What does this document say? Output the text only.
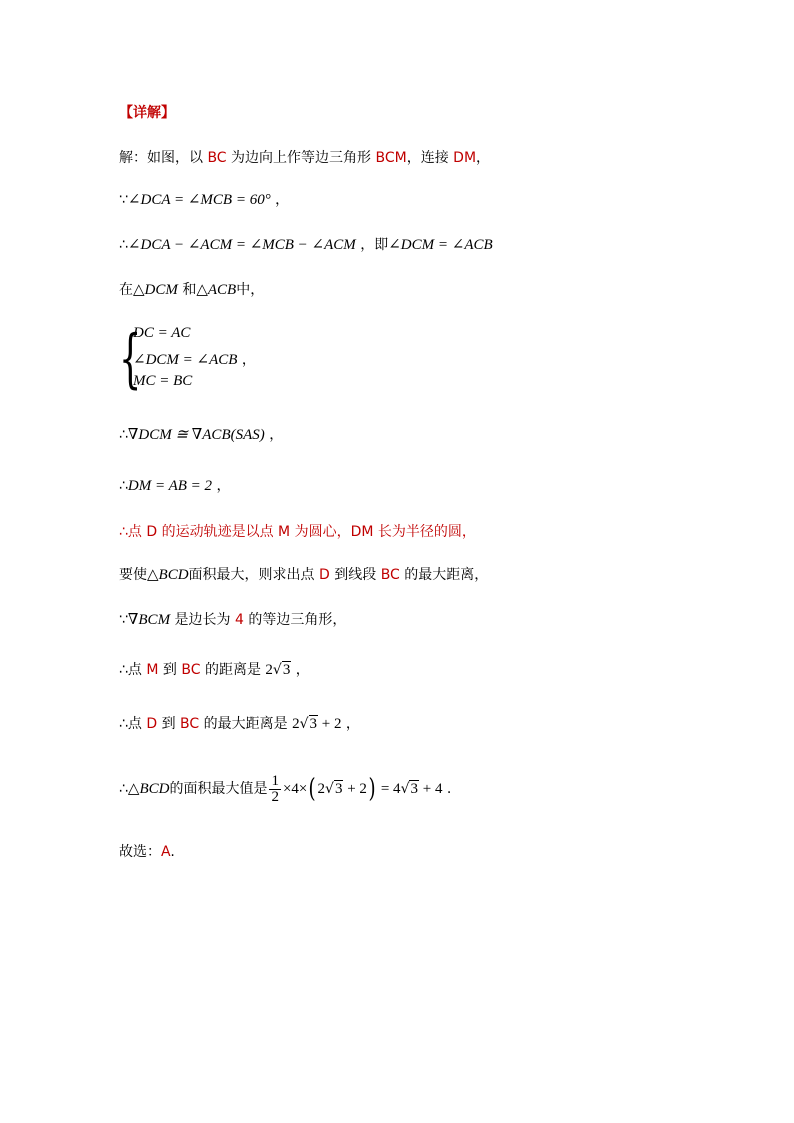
【详解】
解：如图，以 BC 为边向上作等边三角形 BCM，连接 DM，
∵∠DCA = ∠MCB = 60° ，
∴∠DCA − ∠ACM = ∠MCB − ∠ACM ，即∠DCM = ∠ACB
在△DCM 和△ACB中，
{
DC = AC
∠DCM = ∠ACB ，
MC = BC
∴∇DCM ≅ ∇ACB(SAS) ，
∴DM = AB = 2 ，
∴点 D 的运动轨迹是以点 M 为圆心，DM 长为半径的圆，
要使△BCD面积最大，则求出点 D 到线段 BC 的最大距离，
∵∇BCM 是边长为 4 的等边三角形，
∴点 M 到 BC 的距离是 2√3 ，
∴点 D 到 BC 的最大距离是 2√3 + 2 ，
∴△BCD的面积最大值是 $\frac{1}{2} \times 4\times$( 2√3 + 2) = 4√3 + 4 .
故选：A.
